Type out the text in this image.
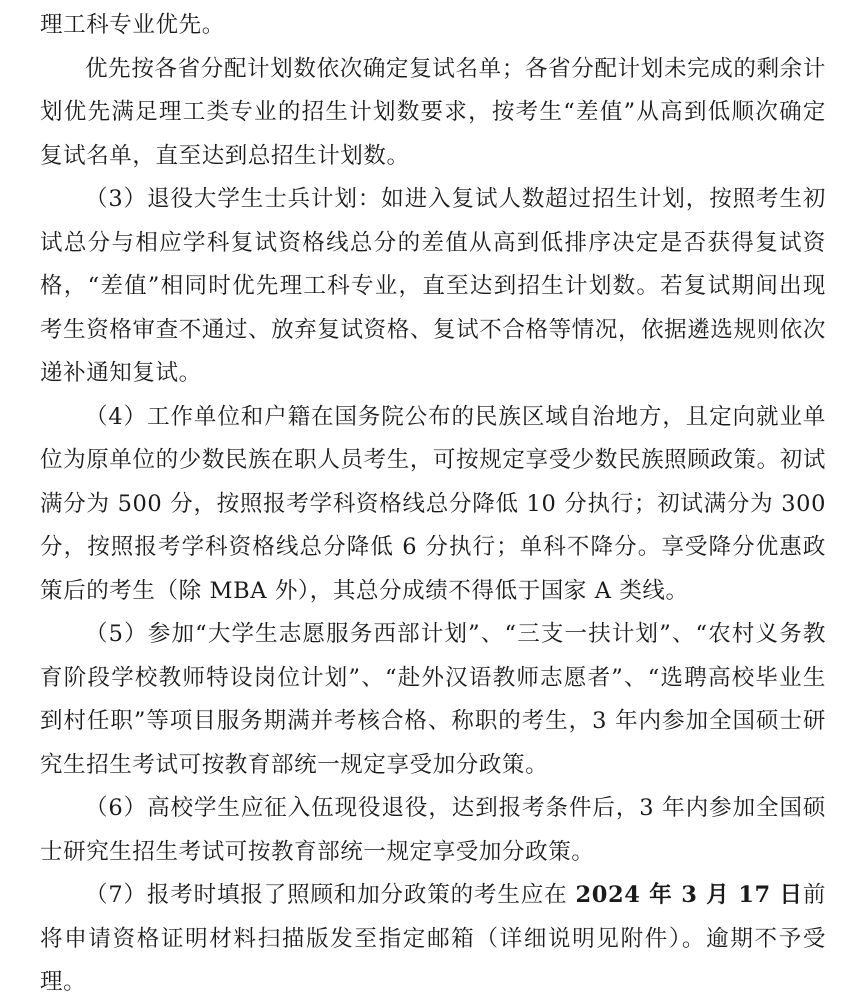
理工科专业优先。

优先按各省分配计划数依次确定复试名单；各省分配计划未完成的剩余计划优先满足理工类专业的招生计划数要求，按考生“差值”从高到低顺次确定复试名单，直至达到总招生计划数。

（3）退役大学生士兵计划：如进入复试人数超过招生计划，按照考生初试总分与相应学科复试资格线总分的差值从高到低排序决定是否获得复试资格，“差值”相同时优先理工科专业，直至达到招生计划数。若复试期间出现考生资格审查不通过、放弃复试资格、复试不合格等情况，依据遴选规则依次递补通知复试。

（4）工作单位和户籍在国务院公布的民族区域自治地方，且定向就业单位为原单位的少数民族在职人员考生，可按规定享受少数民族照顾政策。初试满分为 500 分，按照报考学科资格线总分降低 10 分执行；初试满分为 300 分，按照报考学科资格线总分降低 6 分执行；单科不降分。享受降分优惠政策后的考生（除 MBA 外），其总分成绩不得低于国家 A 类线。

（5）参加“大学生志愿服务西部计划”、“三支一扶计划”、“农村义务教育阶段学校教师特设岗位计划”、“赴外汉语教师志愿者”、“选聘高校毕业生到村任职”等项目服务期满并考核合格、称职的考生，3 年内参加全国硕士研究生招生考试可按教育部统一规定享受加分政策。

（6）高校学生应征入伍现役退役，达到报考条件后，3 年内参加全国硕士研究生招生考试可按教育部统一规定享受加分政策。

（7）报考时填报了照顾和加分政策的考生应在 2024 年 3 月 17 日前将申请资格证明材料扫描版发至指定邮箱（详细说明见附件）。逾期不予受理。
